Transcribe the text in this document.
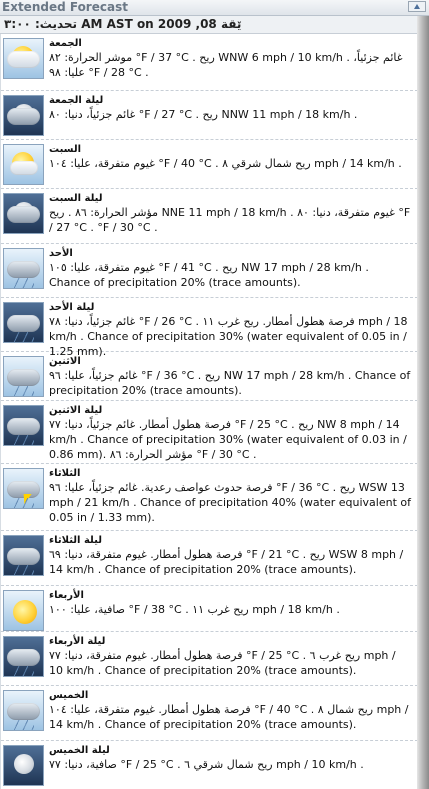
Extended Forecast
تحديث: ٣:٠٠ AM AST on ێقة 08, 2009
الجمعة
موشر الحرارة: ٨٢ °F / 37 °C . ريح WNW 6 mph / 10 km/h . غائم جزئياً، عليا: ٩٨ °F / 28 °C .
ليلة الجمعة
غائم جزئياً، دنيا: ٨٠ °F / 27 °C . ريح NNW 11 mph / 18 km/h .
السبت
غيوم متفرقة، عليا: ١٠٤ °F / 40 °C . ريح شمال شرقي ٨ mph / 14 km/h .
ليلة السبت
مؤشر الحرارة: ٨٦ . ريح NNE 11 mph / 18 km/h . غيوم متفرقة، دنيا: ٨٠ °F / 27 °C . °F / 30 °C .
الأحد
غيوم متفرقة، عليا: ١٠٥ °F / 41 °C . ريح NW 17 mph / 28 km/h . Chance of precipitation 20% (trace amounts).
ليلة الأحد
غائم جزئياً، دنيا: ٧٨ °F / 26 °C . فرصة هطول أمطار. ريح غرب ١١ mph / 18 km/h . Chance of precipitation 30% (water equivalent of 0.05 in / 1.25 mm).
الاثنين
غائم جزئياً، عليا: ٩٦ °F / 36 °C . ريح NW 17 mph / 28 km/h . Chance of precipitation 20% (trace amounts).
ليلة الاثنين
فرصة هطول أمطار. غائم جزئياً، دنيا: ٧٧ °F / 25 °C . ريح NW 8 mph / 14 km/h . Chance of precipitation 30% (water equivalent of 0.03 in / 0.86 mm). مؤشر الحرارة: ٨٦ °F / 30 °C .
الثلاثاء
فرصة حدوث عواصف رعدية. غائم جزئياً، عليا: ٩٦ °F / 36 °C . ريح WSW 13 mph / 21 km/h . Chance of precipitation 40% (water equivalent of 0.05 in / 1.33 mm).
ليلة الثلاثاء
فرصة هطول أمطار. غيوم متفرقة، دنيا: ٦٩ °F / 21 °C . ريح WSW 8 mph / 14 km/h . Chance of precipitation 20% (trace amounts).
الأربعاء
صافية، عليا: ١٠٠ °F / 38 °C . ريح غرب ١١ mph / 18 km/h .
ليلة الأربعاء
فرصة هطول أمطار. غيوم متفرقة، دنيا: ٧٧ °F / 25 °C . ريح غرب ٦ mph / 10 km/h . Chance of precipitation 20% (trace amounts).
الخميس
فرصة هطول أمطار. غيوم متفرقة، عليا: ١٠٤ °F / 40 °C . ريح شمال ٨ mph / 14 km/h . Chance of precipitation 20% (trace amounts).
ليلة الخميس
صافية، دنيا: ٧٧ °F / 25 °C . ريح شمال شرقي ٦ mph / 10 km/h .
